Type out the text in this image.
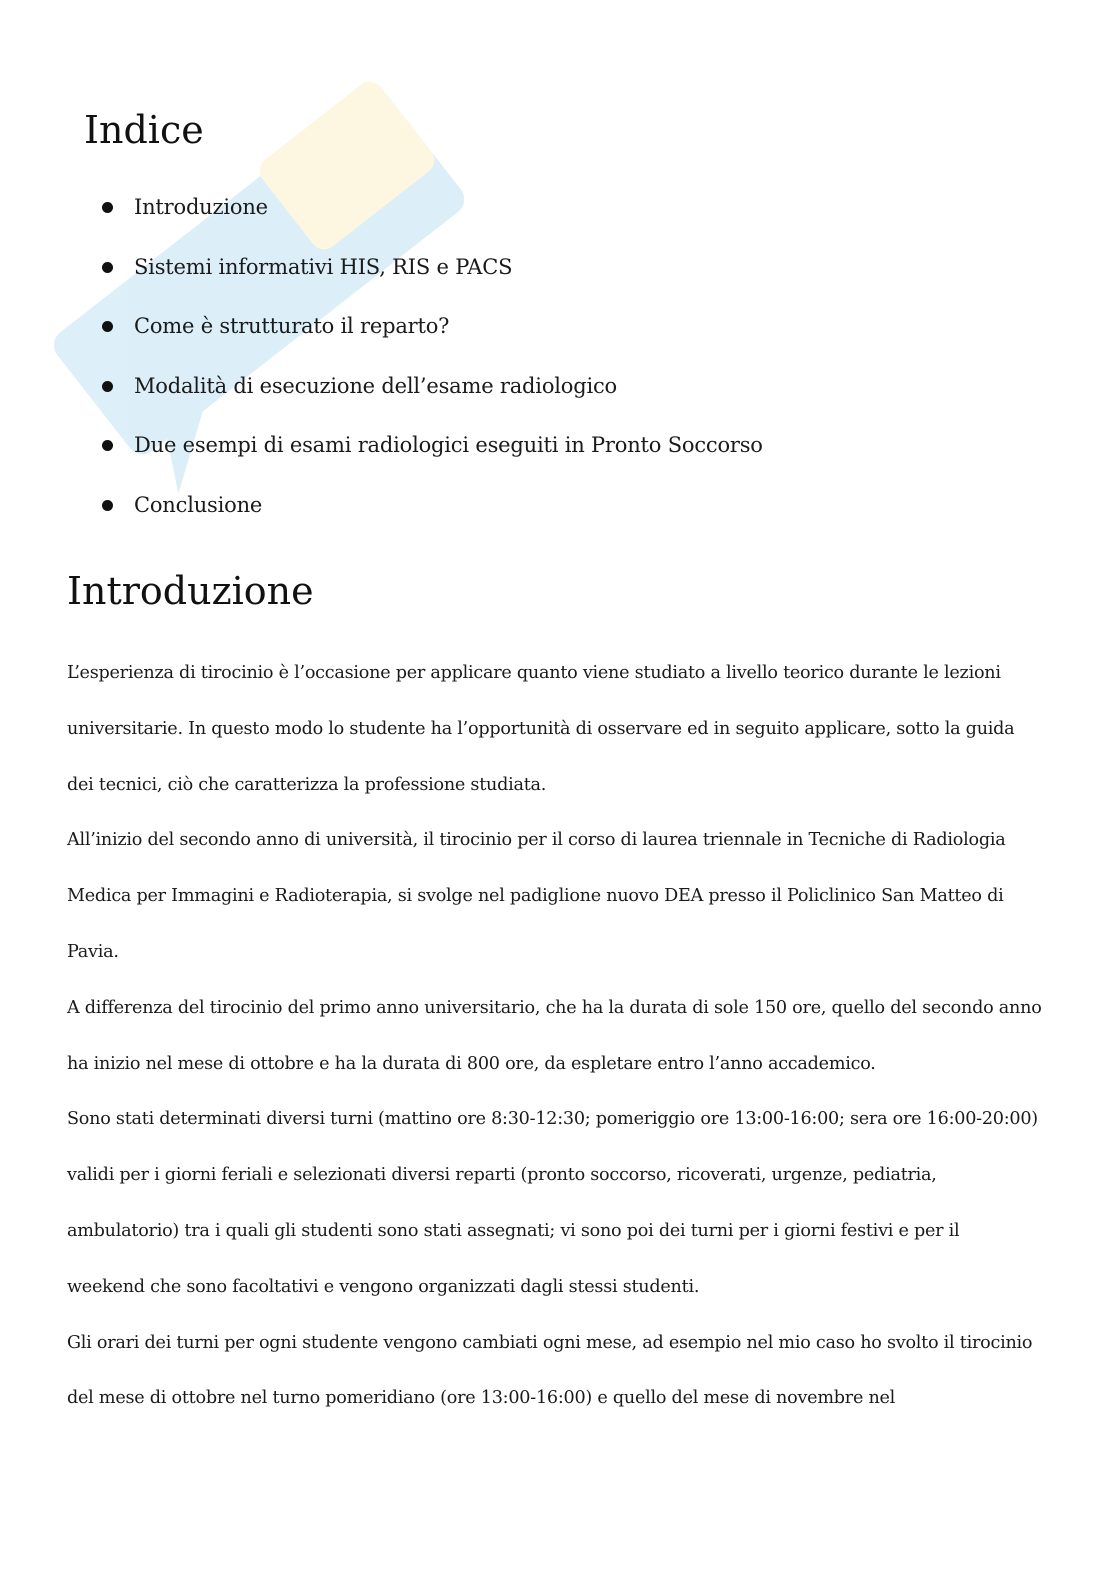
Indice
Introduzione
Sistemi informativi HIS, RIS e PACS
Come è strutturato il reparto?
Modalità di esecuzione dell’esame radiologico
Due esempi di esami radiologici eseguiti in Pronto Soccorso
Conclusione
Introduzione

L’esperienza di tirocinio è l’occasione per applicare quanto viene studiato a livello teorico durante le lezioni universitarie. In questo modo lo studente ha l’opportunità di osservare ed in seguito applicare, sotto la guida dei tecnici, ciò che caratterizza la professione studiata.

All’inizio del secondo anno di università, il tirocinio per il corso di laurea triennale in Tecniche di Radiologia Medica per Immagini e Radioterapia, si svolge nel padiglione nuovo DEA presso il Policlinico San Matteo di Pavia.

A differenza del tirocinio del primo anno universitario, che ha la durata di sole 150 ore, quello del secondo anno ha inizio nel mese di ottobre e ha la durata di 800 ore, da espletare entro l’anno accademico.

Sono stati determinati diversi turni (mattino ore 8:30-12:30; pomeriggio ore 13:00-16:00; sera ore 16:00-20:00) validi per i giorni feriali e selezionati diversi reparti (pronto soccorso, ricoverati, urgenze, pediatria, ambulatorio) tra i quali gli studenti sono stati assegnati; vi sono poi dei turni per i giorni festivi e per il weekend che sono facoltativi e vengono organizzati dagli stessi studenti.

Gli orari dei turni per ogni studente vengono cambiati ogni mese, ad esempio nel mio caso ho svolto il tirocinio del mese di ottobre nel turno pomeridiano (ore 13:00-16:00) e quello del mese di novembre nel
